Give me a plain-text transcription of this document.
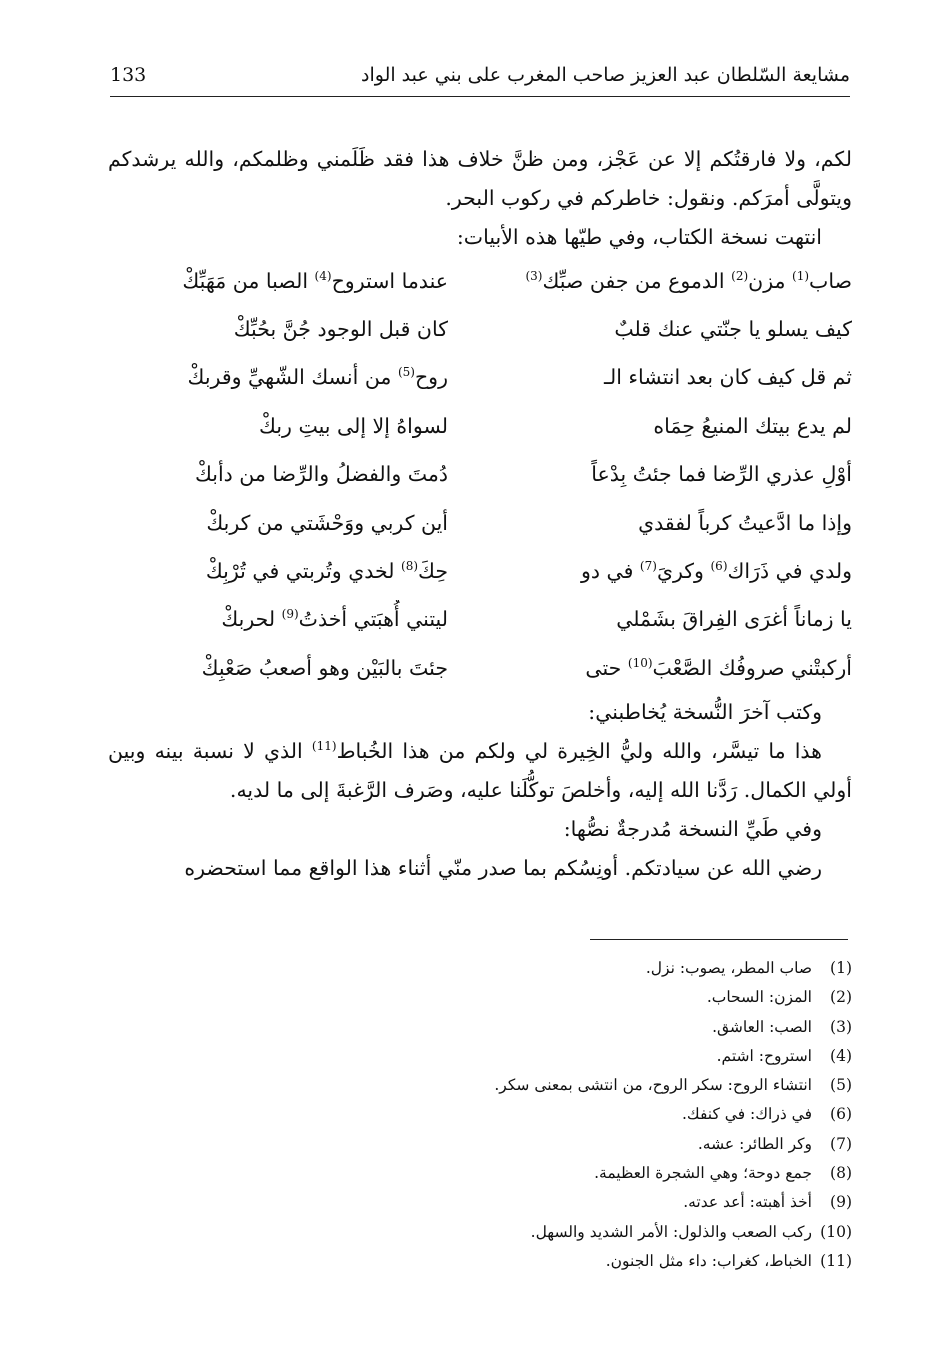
مشايعة السّلطان عبد العزيز صاحب المغرب على بني عبد الواد
133

لكم، ولا فارقتُكم إلا عن عَجْز، ومن ظنَّ خلاف هذا فقد ظَلَمني وظلمكم، والله يرشدكم ويتولَّى أمرَكم. ونقول: خاطركم في ركوب البحر.

انتهت نسخة الكتاب، وفي طيّها هذه الأبيات:

صاب$^{(1)}$ مزن$^{(2)}$ الدموع من جفن صبِّك$^{(3)}$
عندما استروح$^{(4)}$ الصبا من مَهَبِّكْ
كيف يسلو يا جنّتي عنك قلبٌ
كان قبل الوجود جُنَّ بحُبِّكْ
ثم قل كيف كان بعد انتشاء الـ
روح$^{(5)}$ من أنسك الشّهيِّ وقربكْ
لم يدع بيتك المنيعُ حِمَاه
لسواهُ إلا إلى بيتِ ربكْ
أوْلِ عذري الرِّضا فما جئتُ بِدْعاً
دُمتَ والفضلُ والرِّضا من دأبكْ
وإذا ما ادَّعيتُ كرباً لفقدي
أين كربي ووَحْشَتي من كربكْ
ولدي في ذَرَاك$^{(6)}$ وكريَ$^{(7)}$ في دو
حِكَ$^{(8)}$ لخدي وتُربتي في تُرْبِكْ
يا زماناً أغرَى الفِراقَ بشَمْلي
ليتني أُهبَتي أخذتُ$^{(9)}$ لحربكْ
أركبتْني صروفُك الصَّعْبَ$^{(10)}$ حتى
جئتَ بالبَيْن وهو أصعبُ صَعْبِكْ

وكتب آخرَ النُّسخة يُخاطبني:

هذا ما تيسَّر، والله وليُّ الخِيرة لي ولكم من هذا الخُباط$^{(11)}$ الذي لا نسبة بينه وبين أولي الكمال. رَدَّنا الله إليه، وأخلصَ توكُّلَنا عليه، وصَرف الرَّغبةَ إلى ما لديه.

وفي طَيِّ النسخة مُدرجةٌ نصُّها:

رضي الله عن سيادتكم. أونِسُكم بما صدر منّي أثناء هذا الواقع مما استحضره

(1)
صاب المطر، يصوب: نزل.
(2)
المزن: السحاب.
(3)
الصب: العاشق.
(4)
استروح: اشتم.
(5)
انتشاء الروح: سكر الروح، من انتشى بمعنى سكر.
(6)
في ذراك: في كنفك.
(7)
وكر الطائر: عشه.
(8)
جمع دوحة؛ وهي الشجرة العظيمة.
(9)
أخذ أهبته: أعد عدته.
(10)
ركب الصعب والذلول: الأمر الشديد والسهل.
(11)
الخباط، كغراب: داء مثل الجنون.
